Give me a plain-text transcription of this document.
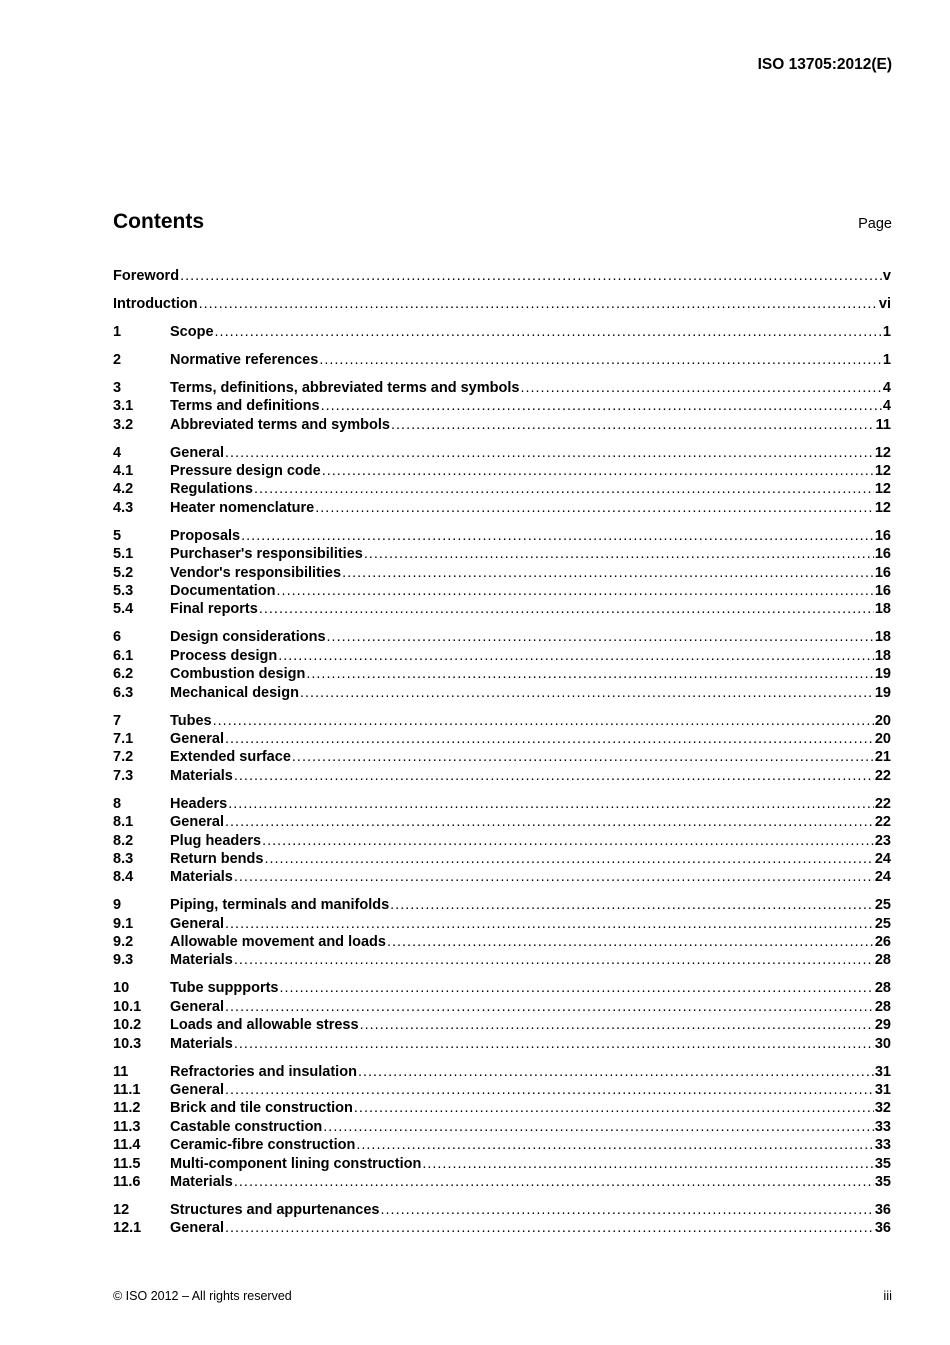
ISO 13705:2012(E)
Contents	Page
Foreword .....	v
Introduction .....	vi
1	Scope .....	1
2	Normative references .....	1
3	Terms, definitions, abbreviated terms and symbols .....	4
3.1	Terms and definitions .....	4
3.2	Abbreviated terms and symbols .....	11
4	General .....	12
4.1	Pressure design code .....	12
4.2	Regulations .....	12
4.3	Heater nomenclature .....	12
5	Proposals .....	16
5.1	Purchaser's responsibilities .....	16
5.2	Vendor's responsibilities .....	16
5.3	Documentation .....	16
5.4	Final reports .....	18
6	Design considerations .....	18
6.1	Process design .....	18
6.2	Combustion design .....	19
6.3	Mechanical design .....	19
7	Tubes .....	20
7.1	General .....	20
7.2	Extended surface .....	21
7.3	Materials .....	22
8	Headers .....	22
8.1	General .....	22
8.2	Plug headers .....	23
8.3	Return bends .....	24
8.4	Materials .....	24
9	Piping, terminals and manifolds .....	25
9.1	General .....	25
9.2	Allowable movement and loads .....	26
9.3	Materials .....	28
10	Tube suppports .....	28
10.1	General .....	28
10.2	Loads and allowable stress .....	29
10.3	Materials .....	30
11	Refractories and insulation .....	31
11.1	General .....	31
11.2	Brick and tile construction .....	32
11.3	Castable construction .....	33
11.4	Ceramic-fibre construction .....	33
11.5	Multi-component lining construction .....	35
11.6	Materials .....	35
12	Structures and appurtenances .....	36
12.1	General .....	36
© ISO 2012 – All rights reserved	iii
